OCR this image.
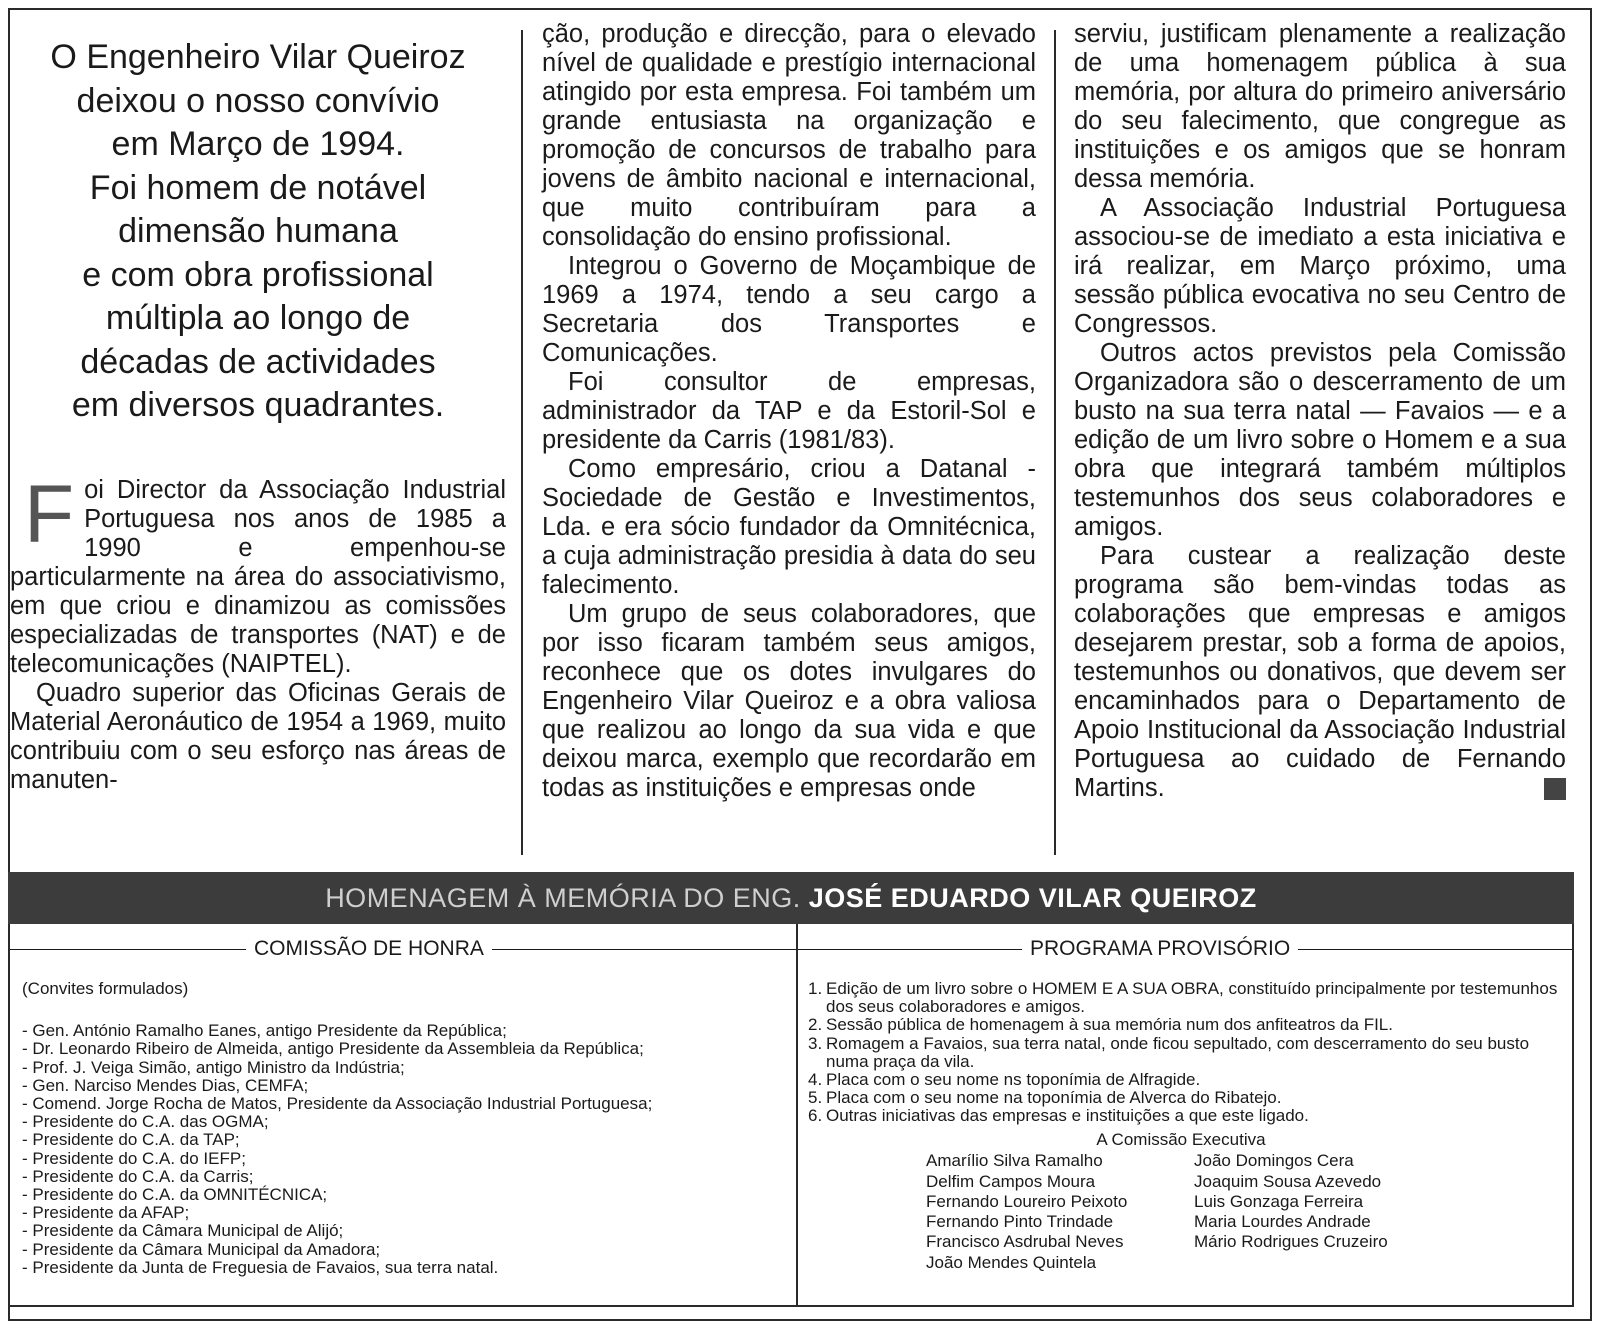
O Engenheiro Vilar Queiroz
deixou o nosso convívio
em Março de 1994.
Foi homem de notável
dimensão humana
e com obra profissional
múltipla ao longo de
décadas de actividades
em diversos quadrantes.

Foi Director da Associação Industrial Portuguesa nos anos de 1985 a 1990 e empenhou-se particularmente na área do associativismo, em que criou e dinamizou as comissões especializadas de transportes (NAT) e de telecomunicações (NAIPTEL).

Quadro superior das Oficinas Gerais de Material Aeronáutico de 1954 a 1969, muito contribuiu com o seu esforço nas áreas de manuten-

ção, produção e direcção, para o elevado nível de qualidade e prestígio internacional atingido por esta empresa. Foi também um grande entusiasta na organização e promoção de concursos de trabalho para jovens de âmbito nacional e internacional, que muito contribuíram para a consolidação do ensino profissional.

Integrou o Governo de Moçambique de 1969 a 1974, tendo a seu cargo a Secretaria dos Transportes e Comunicações.

Foi consultor de empresas, administrador da TAP e da Estoril-Sol e presidente da Carris (1981/83).

Como empresário, criou a Datanal - Sociedade de Gestão e Investimentos, Lda. e era sócio fundador da Omnitécnica, a cuja administração presidia à data do seu falecimento.

Um grupo de seus colaboradores, que por isso ficaram também seus amigos, reconhece que os dotes invulgares do Engenheiro Vilar Queiroz e a obra valiosa que realizou ao longo da sua vida e que deixou marca, exemplo que recordarão em todas as instituições e empresas onde

serviu, justificam plenamente a realização de uma homenagem pública à sua memória, por altura do primeiro aniversário do seu falecimento, que congregue as instituições e os amigos que se honram dessa memória.

A Associação Industrial Portuguesa associou-se de imediato a esta iniciativa e irá realizar, em Março próximo, uma sessão pública evocativa no seu Centro de Congressos.

Outros actos previstos pela Comissão Organizadora são o descerramento de um busto na sua terra natal — Favaios — e a edição de um livro sobre o Homem e a sua obra que integrará também múltiplos testemunhos dos seus colaboradores e amigos.

Para custear a realização deste programa são bem-vindas todas as colaborações que empresas e amigos desejarem prestar, sob a forma de apoios, testemunhos ou donativos, que devem ser encaminhados para o Departamento de Apoio Institucional da Associação Industrial Portuguesa ao cuidado de Fernando Martins.

HOMENAGEM À MEMÓRIA DO ENG. JOSÉ EDUARDO VILAR QUEIROZ
COMISSÃO DE HONRA

(Convites formulados)

- Gen. António Ramalho Eanes, antigo Presidente da República;
- Dr. Leonardo Ribeiro de Almeida, antigo Presidente da Assembleia da República;
- Prof. J. Veiga Simão, antigo Ministro da Indústria;
- Gen. Narciso Mendes Dias, CEMFA;
- Comend. Jorge Rocha de Matos, Presidente da Associação Industrial Portuguesa;
- Presidente do C.A. das OGMA;
- Presidente do C.A. da TAP;
- Presidente do C.A. do IEFP;
- Presidente do C.A. da Carris;
- Presidente do C.A. da OMNITÉCNICA;
- Presidente da AFAP;
- Presidente da Câmara Municipal de Alijó;
- Presidente da Câmara Municipal da Amadora;
- Presidente da Junta de Freguesia de Favaios, sua terra natal.
PROGRAMA PROVISÓRIO
1. Edição de um livro sobre o HOMEM E A SUA OBRA, constituído principalmente por testemunhos dos seus colaboradores e amigos.
2. Sessão pública de homenagem à sua memória num dos anfiteatros da FIL.
3. Romagem a Favaios, sua terra natal, onde ficou sepultado, com descerramento do seu busto numa praça da vila.
4. Placa com o seu nome ns toponímia de Alfragide.
5. Placa com o seu nome na toponímia de Alverca do Ribatejo.
6. Outras iniciativas das empresas e instituições a que este ligado.
A Comissão Executiva
Amarílio Silva Ramalho
Delfim Campos Moura
Fernando Loureiro Peixoto
Fernando Pinto Trindade
Francisco Asdrubal Neves
João Mendes Quintela
João Domingos Cera
Joaquim Sousa Azevedo
Luis Gonzaga Ferreira
Maria Lourdes Andrade
Mário Rodrigues Cruzeiro
